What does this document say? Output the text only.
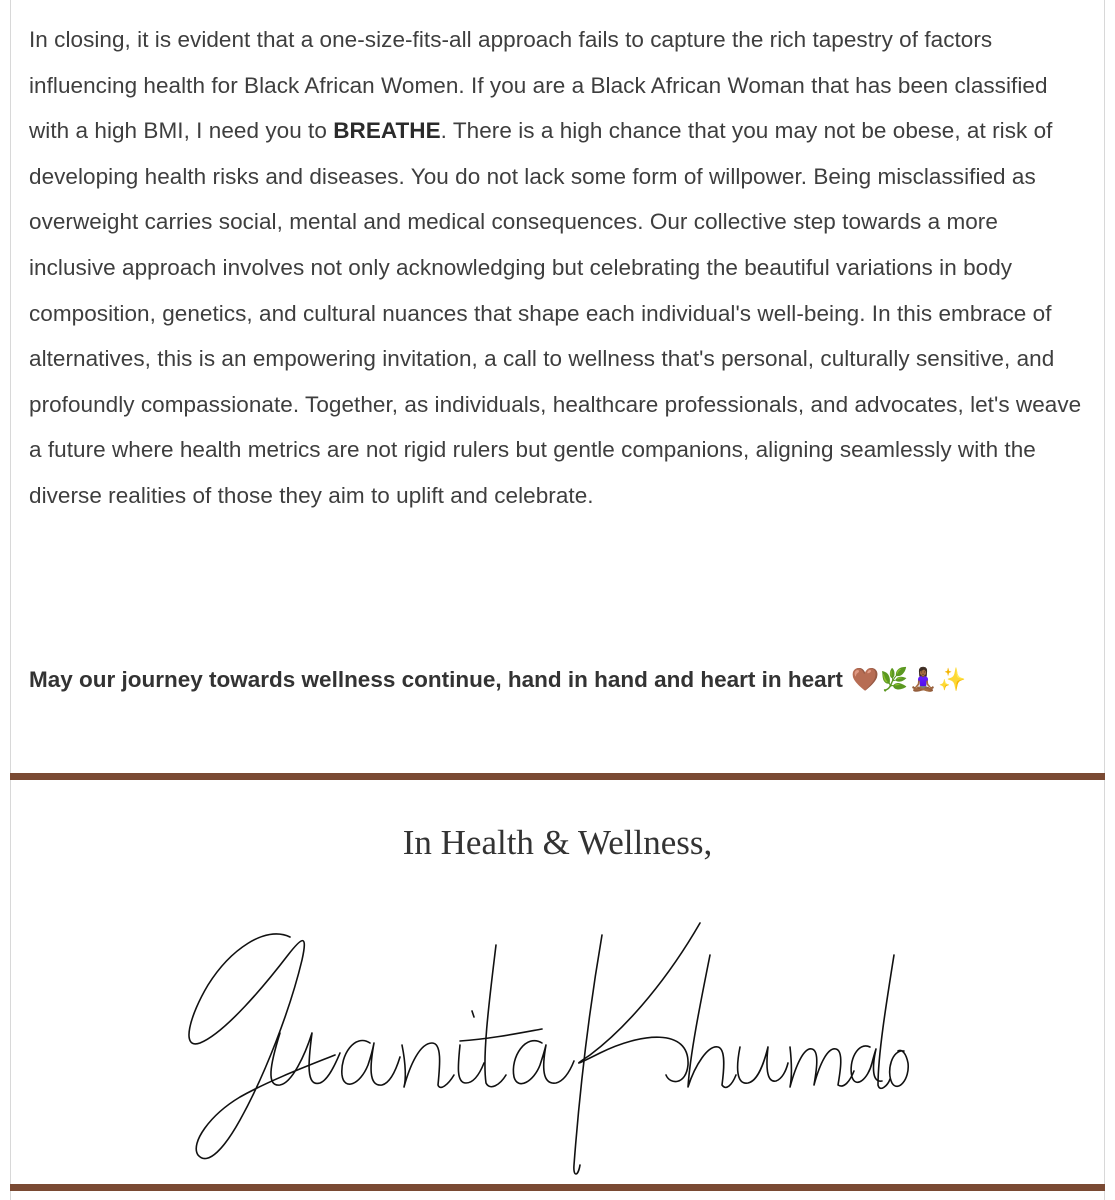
In closing, it is evident that a one-size-fits-all approach fails to capture the rich tapestry of factors influencing health for Black African Women. If you are a Black African Woman that has been classified with a high BMI, I need you to BREATHE. There is a high chance that you may not be obese, at risk of developing health risks and diseases. You do not lack some form of willpower. Being misclassified as overweight carries social, mental and medical consequences. Our collective step towards a more inclusive approach involves not only acknowledging but celebrating the beautiful variations in body composition, genetics, and cultural nuances that shape each individual's well-being. In this embrace of alternatives, this is an empowering invitation, a call to wellness that's personal, culturally sensitive, and profoundly compassionate. Together, as individuals, healthcare professionals, and advocates, let's weave a future where health metrics are not rigid rulers but gentle companions, aligning seamlessly with the diverse realities of those they aim to uplift and celebrate.

May our journey towards wellness continue, hand in hand and heart in heart 🤎🌿🧘🏾‍♀️✨

In Health & Wellness,
